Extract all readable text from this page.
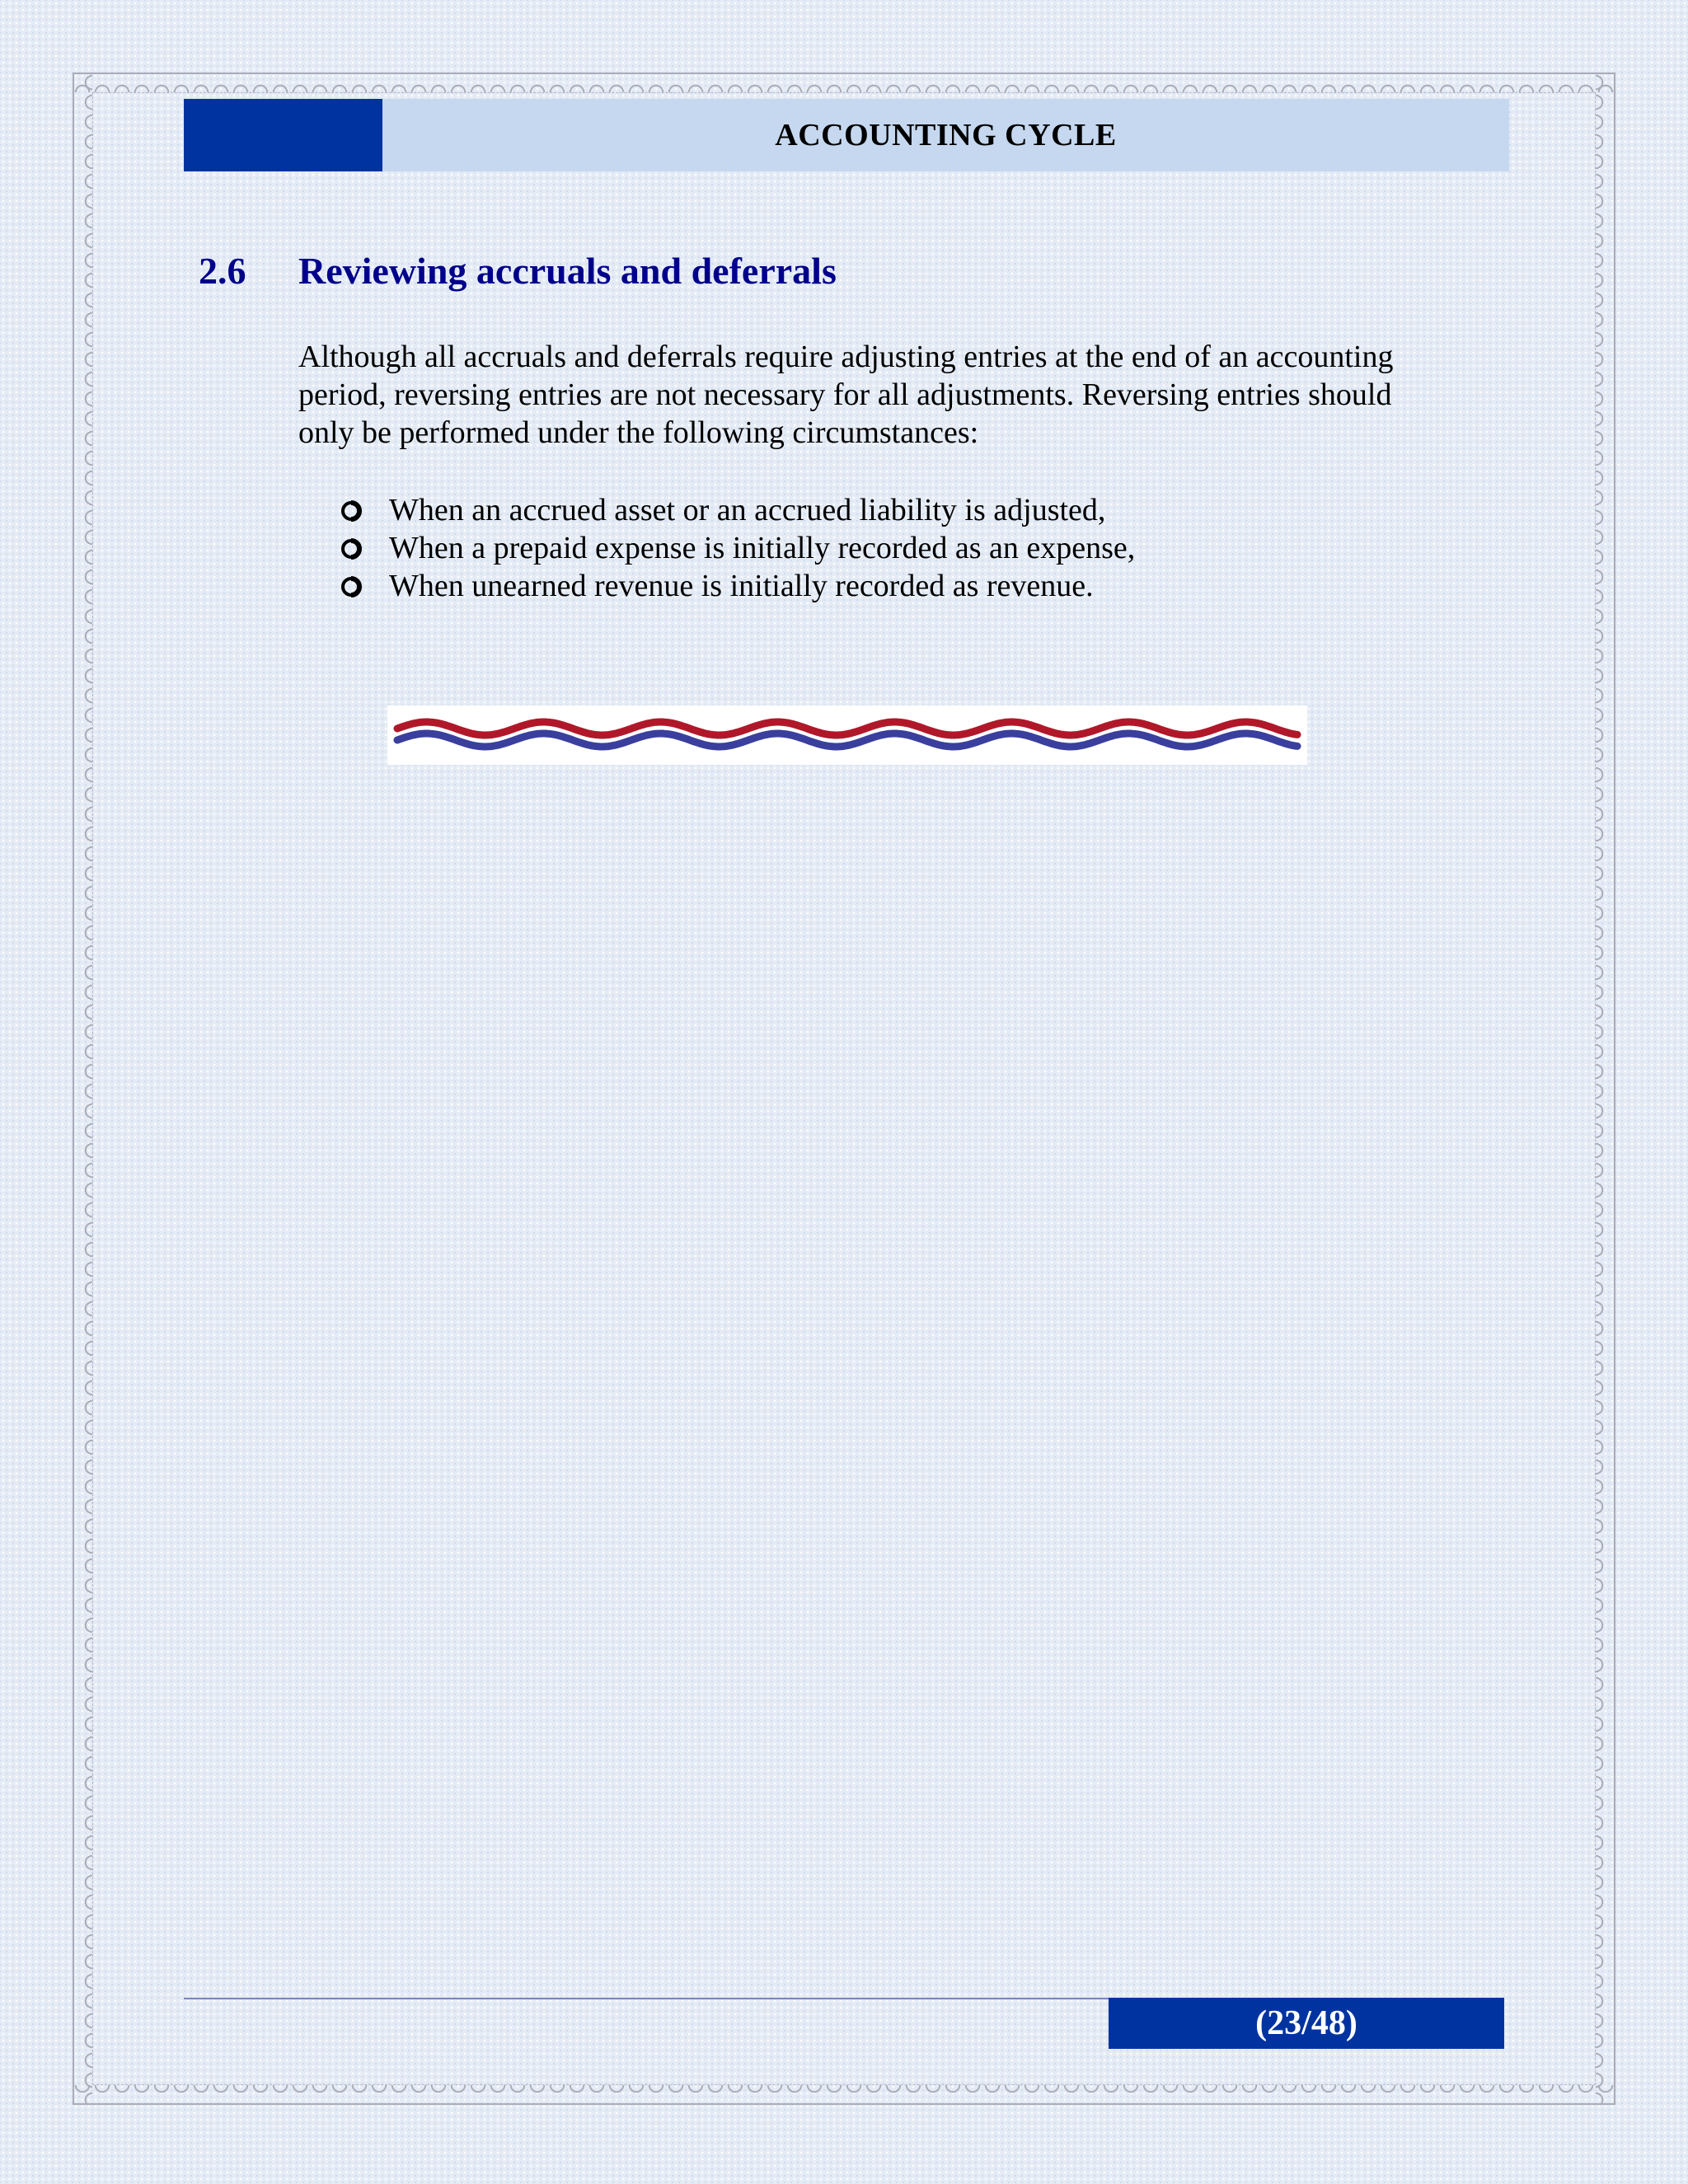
ACCOUNTING CYCLE
2.6 Reviewing accruals and deferrals
Although all accruals and deferrals require adjusting entries at the end of an accounting
period, reversing entries are not necessary for all adjustments. Reversing entries should
only be performed under the following circumstances:
When an accrued asset or an accrued liability is adjusted,
When a prepaid expense is initially recorded as an expense,
When unearned revenue is initially recorded as revenue.
(23/48)
